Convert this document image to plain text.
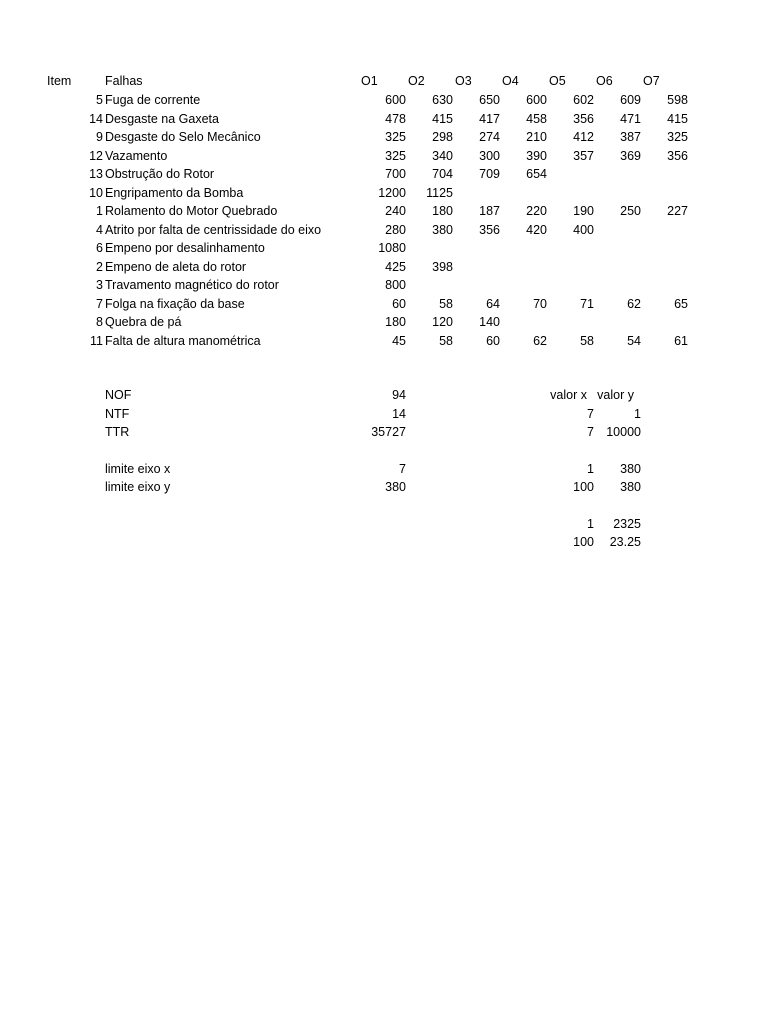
Item	Falhas	O1 O2 O3 O4 O5 O6 O7
5 Fuga de corrente	600	630	650	600	602	609	598
14 Desgaste na Gaxeta	478	415	417	458	356	471	415
9 Desgaste do Selo Mecânico	325	298	274	210	412	387	325
12 Vazamento	325	340	300	390	357	369	356
13 Obstrução do Rotor	700	704	709	654
10 Engripamento da Bomba	1200	1125
1 Rolamento do Motor Quebrado	240	180	187	220	190	250	227
4 Atrito por falta de centrissidade do eixo	280	380	356	420	400
6 Empeno por desalinhamento	1080
2 Empeno de aleta do rotor	425	398
3 Travamento magnético do rotor	800
7 Folga na fixação da base	60	58	64	70	71	62	65
8 Quebra de pá	180	120	140
11 Falta de altura manométrica	45	58	60	62	58	54	61
NOF	94
NTF	14
TTR	35727
limite eixo x	7
limite eixo y	380
valor x valor y
7	1
7 10000
1	380
100	380
1	2325
100	23.25
